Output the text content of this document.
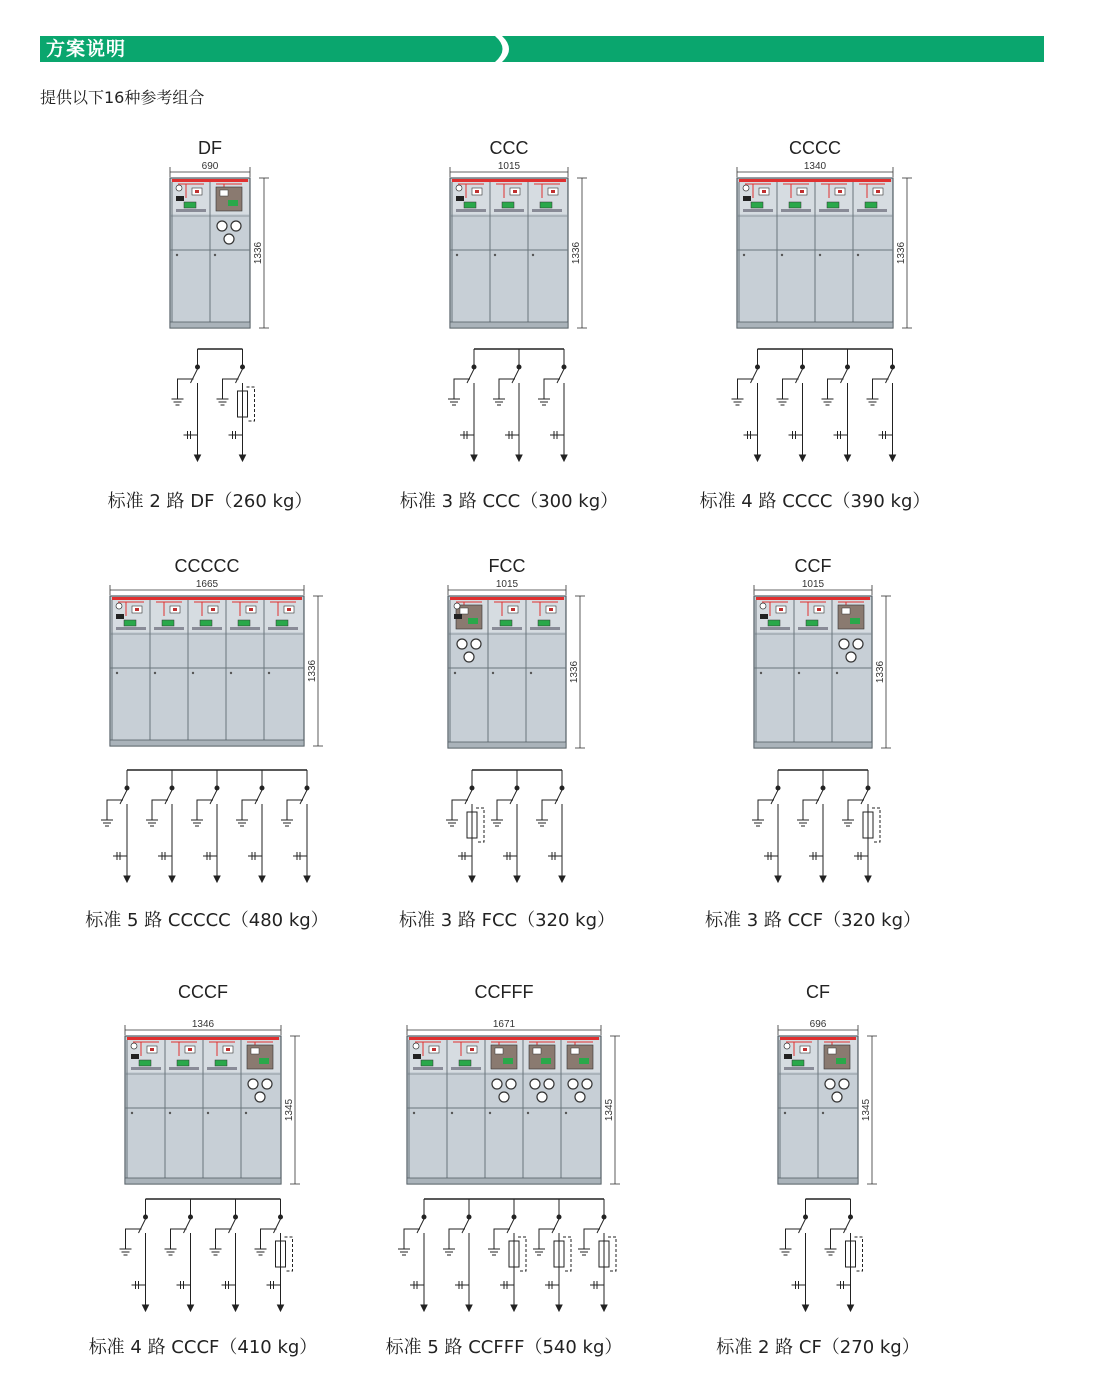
方案说明
提供以下16种参考组合
DF
标准 2 路 DF（260 kg）
690
1336
CCC
标准 3 路 CCC（300 kg）
1015
1336
CCCC
标准 4 路 CCCC（390 kg）
1340
1336
CCCCC
标准 5 路 CCCCC（480 kg）
1665
1336
FCC
标准 3 路 FCC（320 kg）
1015
1336
CCF
标准 3 路 CCF（320 kg）
1015
1336
CCCF
标准 4 路 CCCF（410 kg）
1346
1345
CCFFF
标准 5 路 CCFFF（540 kg）
1671
1345
CF
标准 2 路 CF（270 kg）
696
1345
